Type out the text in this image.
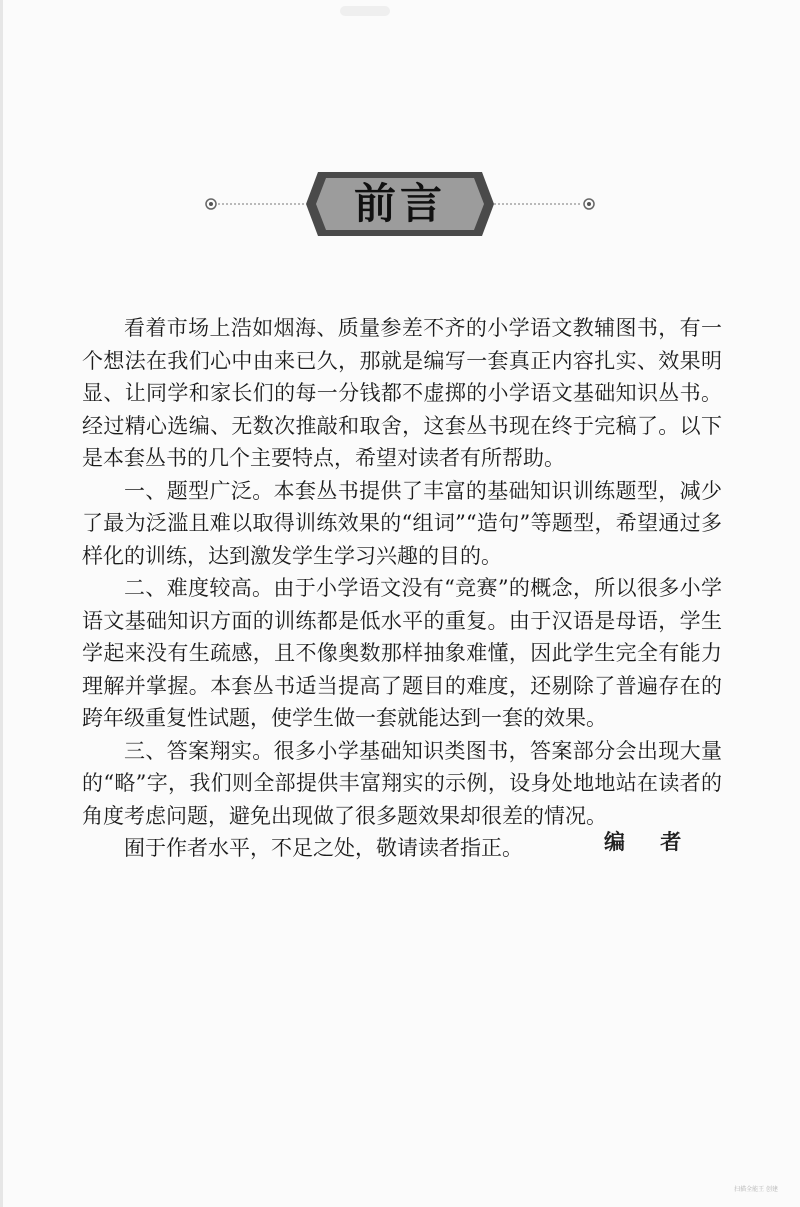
前言

看着市场上浩如烟海、质量参差不齐的小学语文教辅图书，有一个想法在我们心中由来已久，那就是编写一套真正内容扎实、效果明显、让同学和家长们的每一分钱都不虚掷的小学语文基础知识丛书。经过精心选编、无数次推敲和取舍，这套丛书现在终于完稿了。以下是本套丛书的几个主要特点，希望对读者有所帮助。

一、题型广泛。本套丛书提供了丰富的基础知识训练题型，减少了最为泛滥且难以取得训练效果的“组词”“造句”等题型，希望通过多样化的训练，达到激发学生学习兴趣的目的。

二、难度较高。由于小学语文没有“竞赛”的概念，所以很多小学语文基础知识方面的训练都是低水平的重复。由于汉语是母语，学生学起来没有生疏感，且不像奥数那样抽象难懂，因此学生完全有能力理解并掌握。本套丛书适当提高了题目的难度，还剔除了普遍存在的跨年级重复性试题，使学生做一套就能达到一套的效果。

三、答案翔实。很多小学基础知识类图书，答案部分会出现大量的“略”字，我们则全部提供丰富翔实的示例，设身处地地站在读者的角度考虑问题，避免出现做了很多题效果却很差的情况。

囿于作者水平，不足之处，敬请读者指正。	编 者
扫描全能王 创建
